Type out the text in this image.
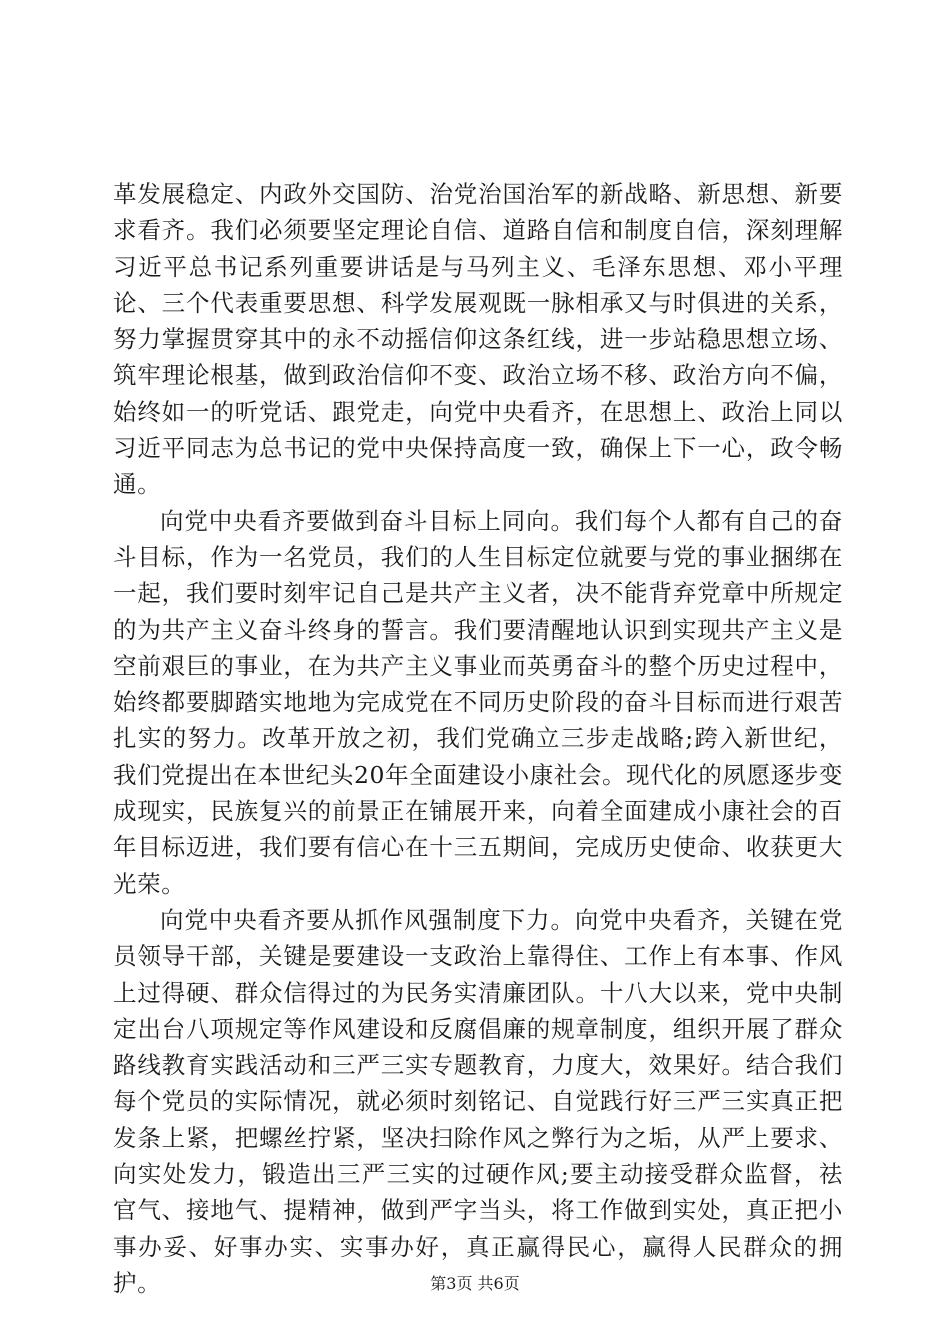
革发展稳定、内政外交国防、治党治国治军的新战略、新思想、新要求看齐。我们必须要坚定理论自信、道路自信和制度自信，深刻理解习近平总书记系列重要讲话是与马列主义、毛泽东思想、邓小平理论、三个代表重要思想、科学发展观既一脉相承又与时俱进的关系，努力掌握贯穿其中的永不动摇信仰这条红线，进一步站稳思想立场、筑牢理论根基，做到政治信仰不变、政治立场不移、政治方向不偏，始终如一的听党话、跟党走，向党中央看齐，在思想上、政治上同以习近平同志为总书记的党中央保持高度一致，确保上下一心，政令畅通。

向党中央看齐要做到奋斗目标上同向。我们每个人都有自己的奋斗目标，作为一名党员，我们的人生目标定位就要与党的事业捆绑在一起，我们要时刻牢记自己是共产主义者，决不能背弃党章中所规定的为共产主义奋斗终身的誓言。我们要清醒地认识到实现共产主义是空前艰巨的事业，在为共产主义事业而英勇奋斗的整个历史过程中，始终都要脚踏实地地为完成党在不同历史阶段的奋斗目标而进行艰苦扎实的努力。改革开放之初，我们党确立三步走战略;跨入新世纪，我们党提出在本世纪头20年全面建设小康社会。现代化的夙愿逐步变成现实，民族复兴的前景正在铺展开来，向着全面建成小康社会的百年目标迈进，我们要有信心在十三五期间，完成历史使命、收获更大光荣。

向党中央看齐要从抓作风强制度下力。向党中央看齐，关键在党员领导干部，关键是要建设一支政治上靠得住、工作上有本事、作风上过得硬、群众信得过的为民务实清廉团队。十八大以来，党中央制定出台八项规定等作风建设和反腐倡廉的规章制度，组织开展了群众路线教育实践活动和三严三实专题教育，力度大，效果好。结合我们每个党员的实际情况，就必须时刻铭记、自觉践行好三严三实真正把发条上紧，把螺丝拧紧，坚决扫除作风之弊行为之垢，从严上要求、向实处发力，锻造出三严三实的过硬作风;要主动接受群众监督，祛官气、接地气、提精神，做到严字当头，将工作做到实处，真正把小事办妥、好事办实、实事办好，真正赢得民心，赢得人民群众的拥护。	第3页 共6页
